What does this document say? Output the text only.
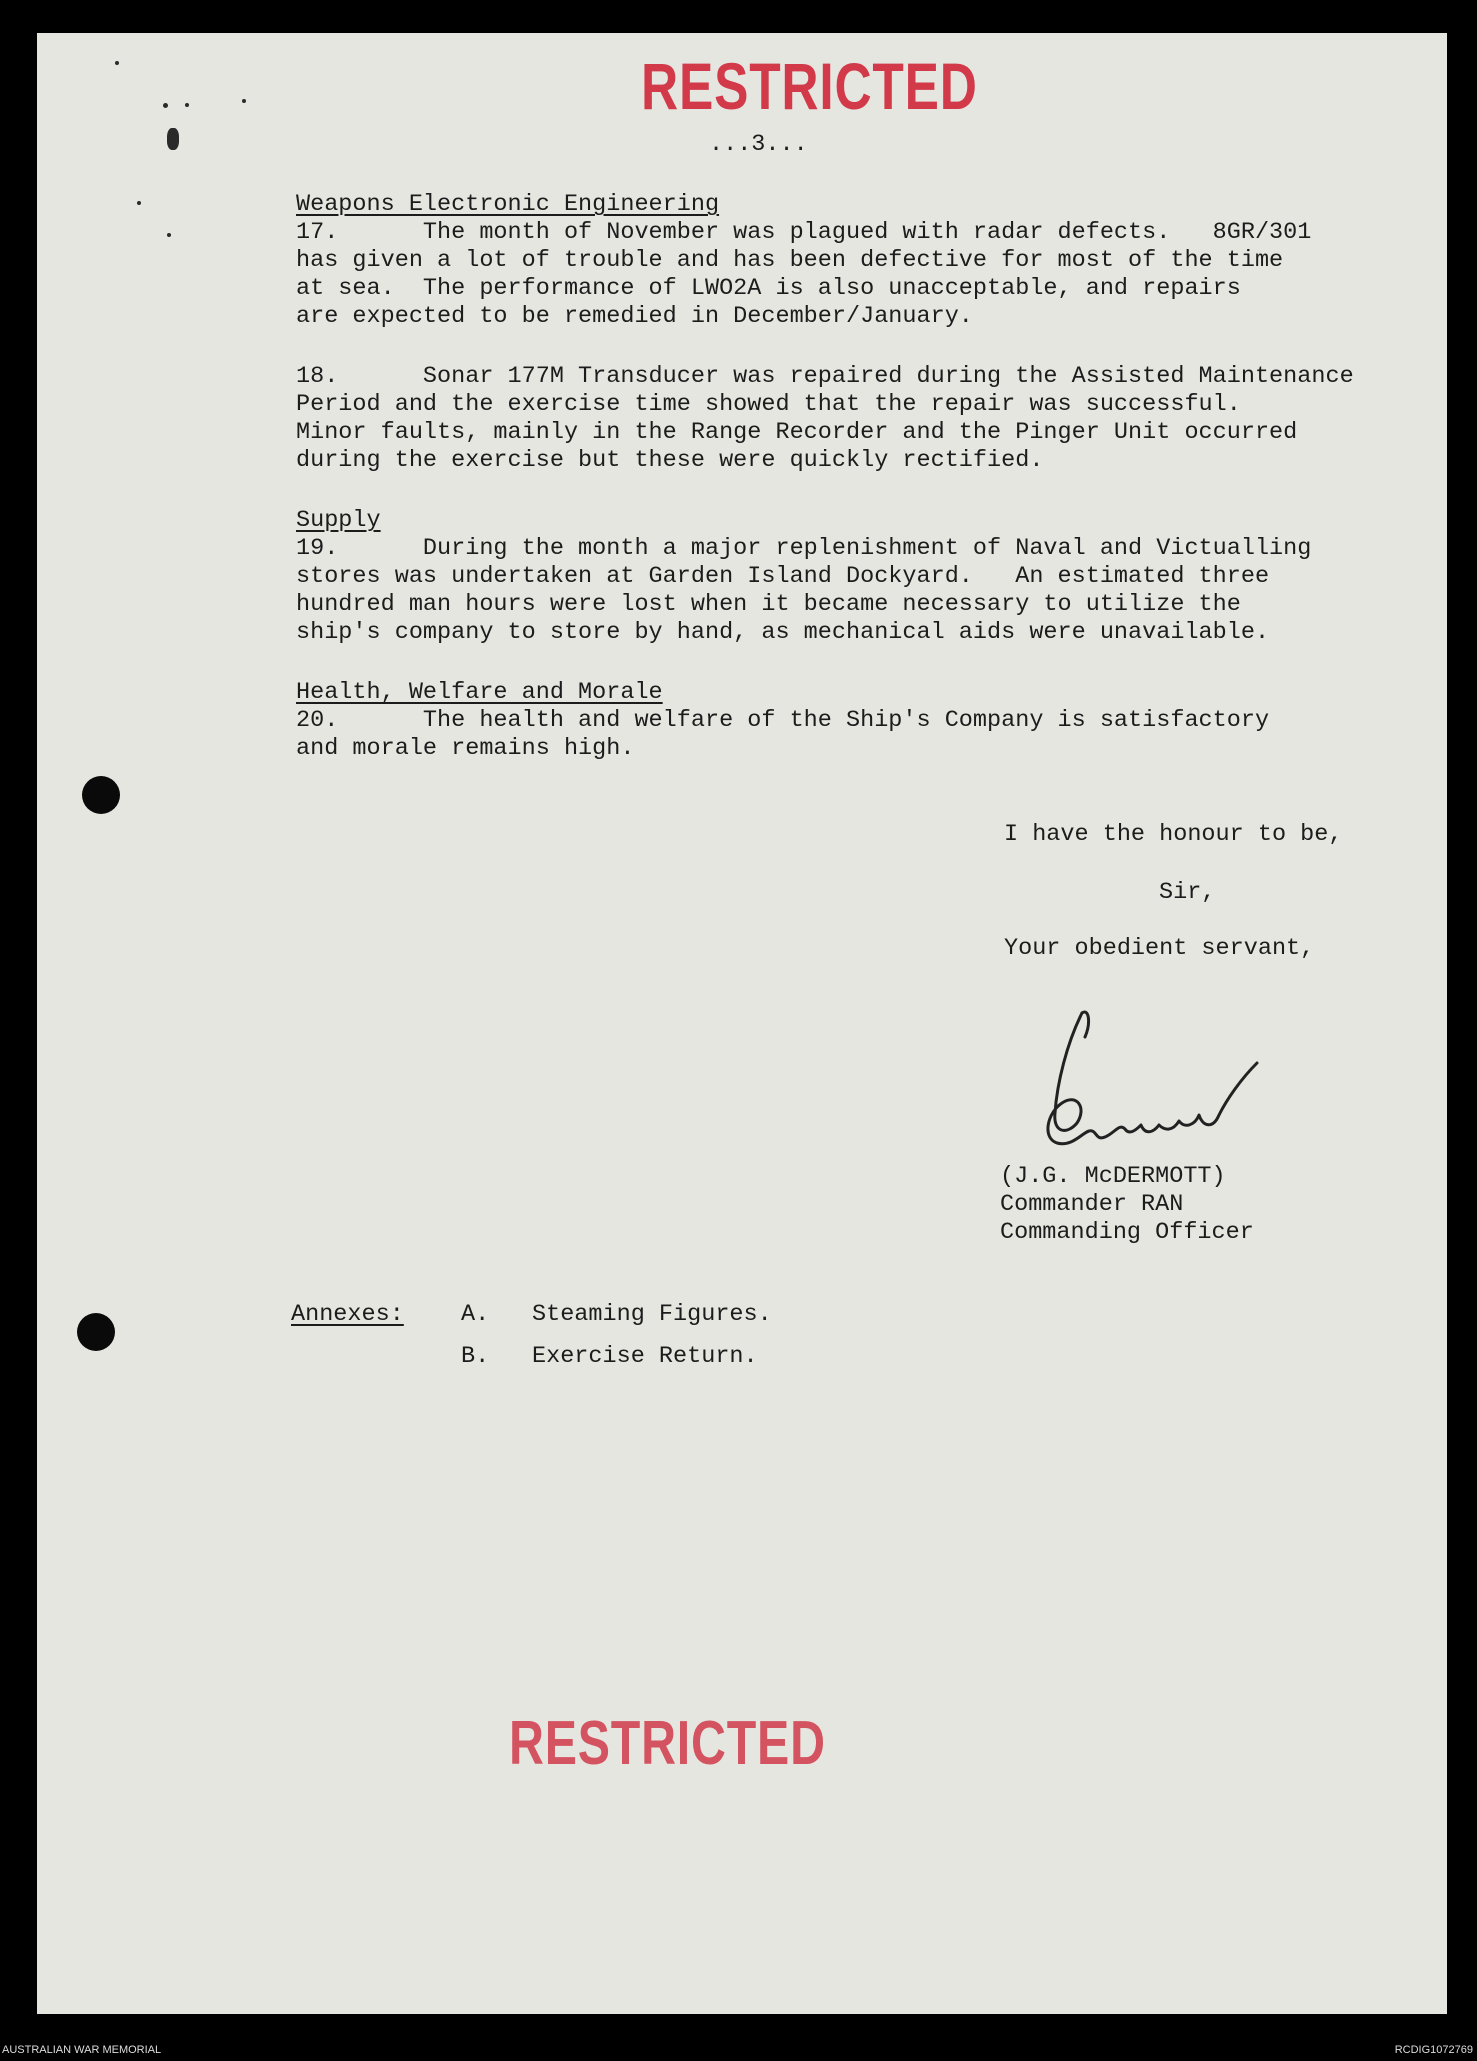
RESTRICTED
...3...
Weapons Electronic Engineering
17.      The month of November was plagued with radar defects.   8GR/301
has given a lot of trouble and has been defective for most of the time
at sea.  The performance of LWO2A is also unacceptable, and repairs
are expected to be remedied in December/January.
18.      Sonar 177M Transducer was repaired during the Assisted Maintenance
Period and the exercise time showed that the repair was successful.
Minor faults, mainly in the Range Recorder and the Pinger Unit occurred
during the exercise but these were quickly rectified.
Supply
19.      During the month a major replenishment of Naval and Victualling
stores was undertaken at Garden Island Dockyard.   An estimated three
hundred man hours were lost when it became necessary to utilize the
ship's company to store by hand, as mechanical aids were unavailable.
Health, Welfare and Morale
20.      The health and welfare of the Ship's Company is satisfactory
and morale remains high.
I have the honour to be,
Sir,
Your obedient servant,
(J.G. McDERMOTT)
Commander RAN
Commanding Officer
Annexes: A. Steaming Figures.
B. Exercise Return.
RESTRICTED
AUSTRALIAN WAR MEMORIAL	RCDIG1072769
